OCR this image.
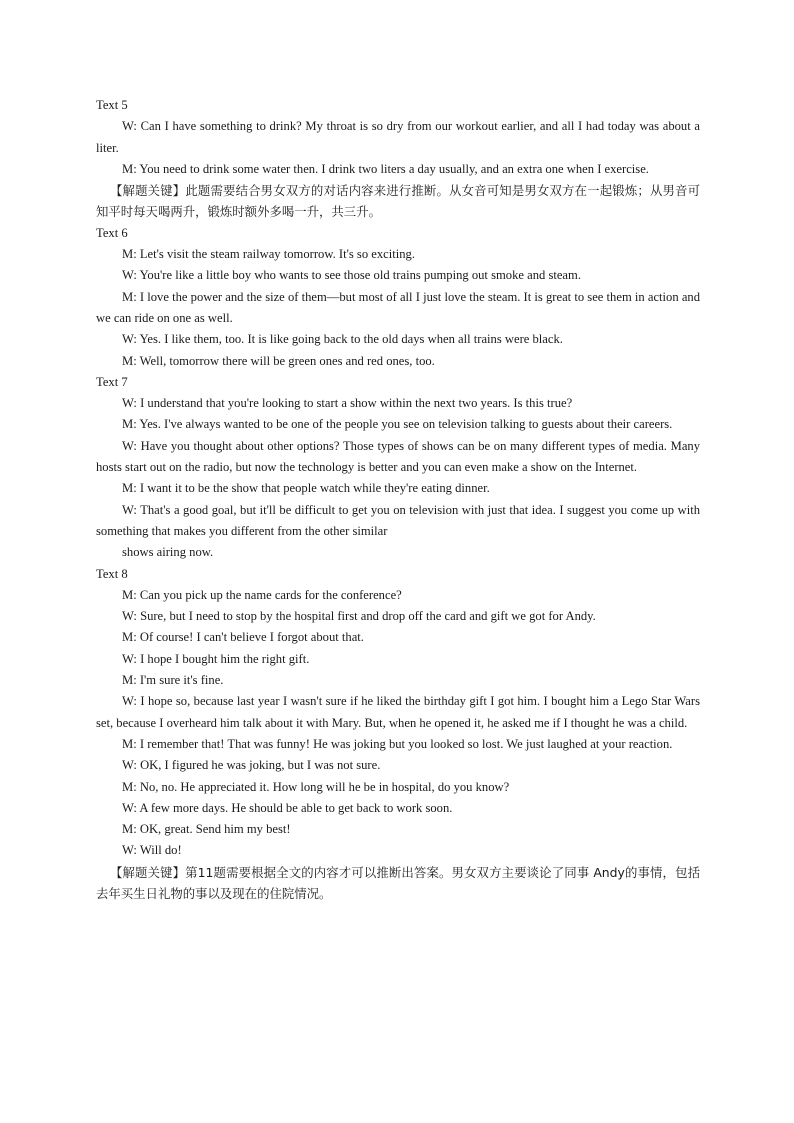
Text 5

W: Can I have something to drink? My throat is so dry from our workout earlier, and all I had today was about a liter.

M: You need to drink some water then. I drink two liters a day usually, and an extra one when I exercise.

【解题关键】此题需要结合男女双方的对话内容来进行推断。从女音可知是男女双方在一起锻炼；从男音可知平时每天喝两升，锻炼时额外多喝一升，共三升。

Text 6

M: Let's visit the steam railway tomorrow. It's so exciting.

W: You're like a little boy who wants to see those old trains pumping out smoke and steam.

M: I love the power and the size of them—but most of all I just love the steam. It is great to see them in action and we can ride on one as well.

W: Yes. I like them, too. It is like going back to the old days when all trains were black.

M: Well, tomorrow there will be green ones and red ones, too.

Text 7

W: I understand that you're looking to start a show within the next two years. Is this true?

M: Yes. I've always wanted to be one of the people you see on television talking to guests about their careers.

W: Have you thought about other options? Those types of shows can be on many different types of media. Many hosts start out on the radio, but now the technology is better and you can even make a show on the Internet.

M: I want it to be the show that people watch while they're eating dinner.

W: That's a good goal, but it'll be difficult to get you on television with just that idea. I suggest you come up with something that makes you different from the other similar

shows airing now.

Text 8

M: Can you pick up the name cards for the conference?

W: Sure, but I need to stop by the hospital first and drop off the card and gift we got for Andy.

M: Of course! I can't believe I forgot about that.

W: I hope I bought him the right gift.

M: I'm sure it's fine.

W: I hope so, because last year I wasn't sure if he liked the birthday gift I got him. I bought him a Lego Star Wars set, because I overheard him talk about it with Mary. But, when he opened it, he asked me if I thought he was a child.

M: I remember that! That was funny! He was joking but you looked so lost. We just laughed at your reaction.

W: OK, I figured he was joking, but I was not sure.

M: No, no. He appreciated it. How long will he be in hospital, do you know?

W: A few more days. He should be able to get back to work soon.

M: OK, great. Send him my best!

W: Will do!

【解题关键】第11题需要根据全文的内容才可以推断出答案。男女双方主要谈论了同事 Andy的事情，包括去年买生日礼物的事以及现在的住院情况。
